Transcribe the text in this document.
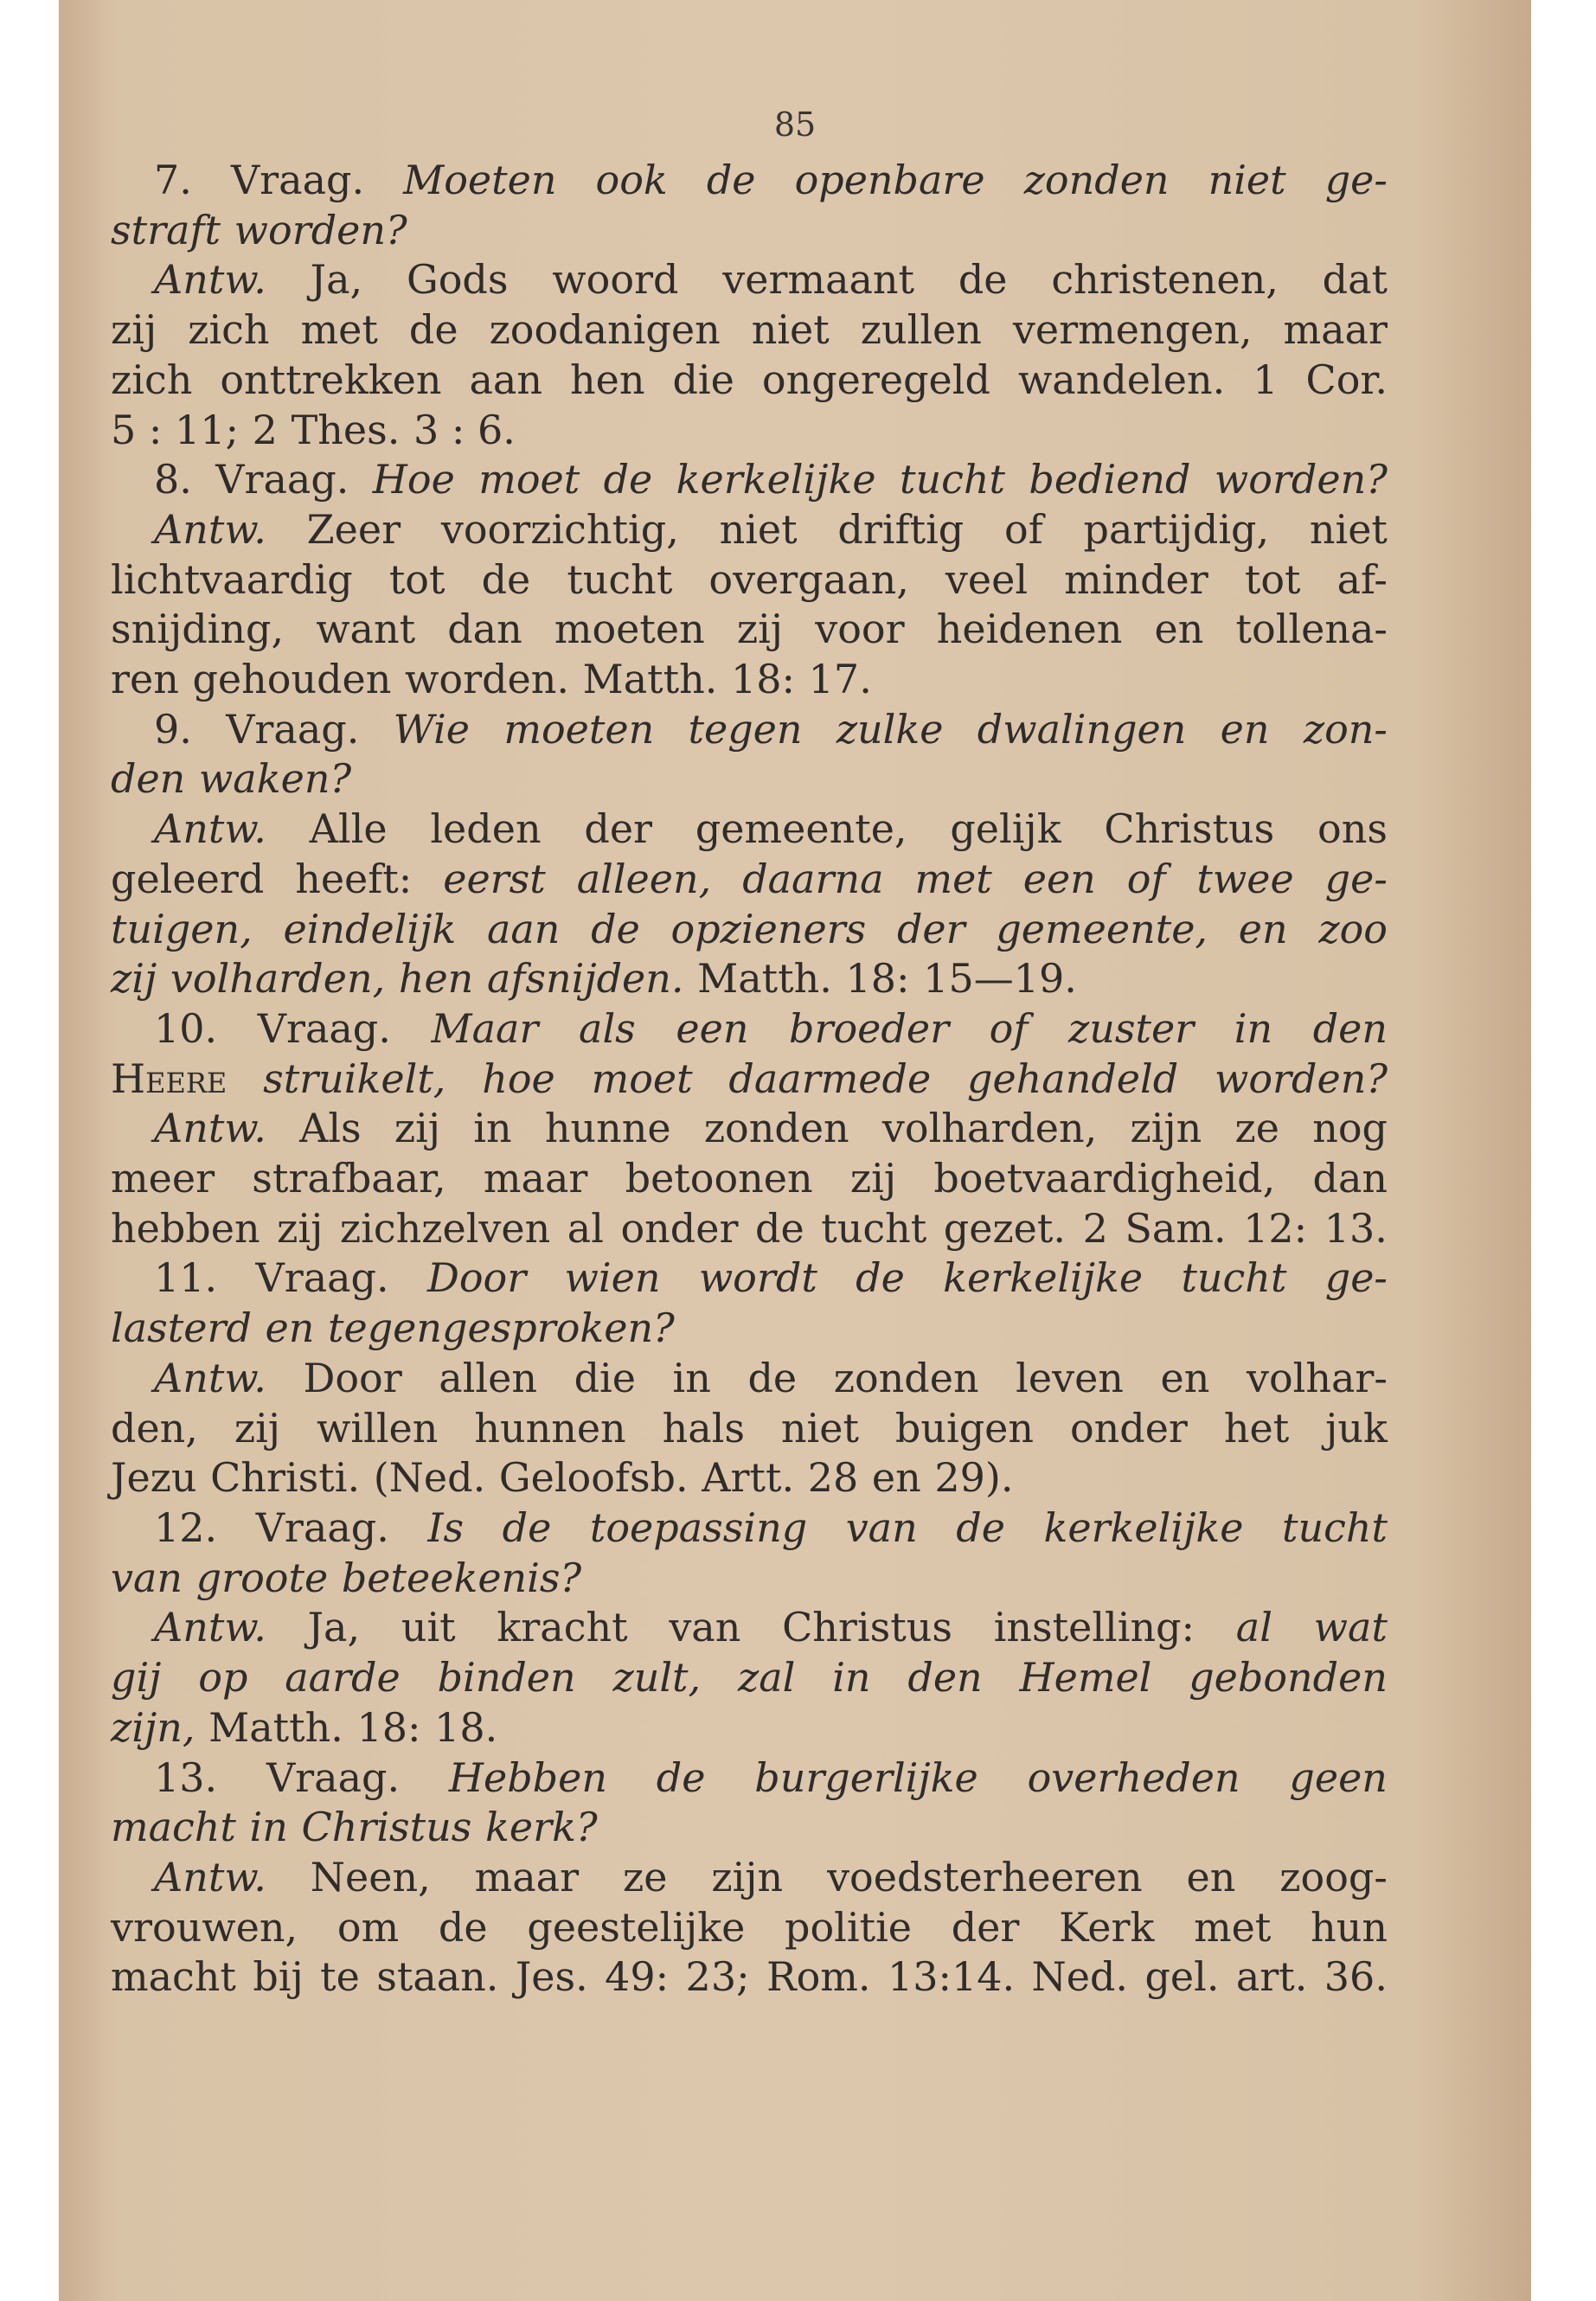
85
7. Vraag. Moeten ook de openbare zonden niet ge-
straft worden?
Antw. Ja, Gods woord vermaant de christenen, dat
zij zich met de zoodanigen niet zullen vermengen, maar
zich onttrekken aan hen die ongeregeld wandelen. 1 Cor.
5 : 11; 2 Thes. 3 : 6.
8. Vraag. Hoe moet de kerkelijke tucht bediend worden?
Antw. Zeer voorzichtig, niet driftig of partijdig, niet
lichtvaardig tot de tucht overgaan, veel minder tot af-
snijding, want dan moeten zij voor heidenen en tollena-
ren gehouden worden. Matth. 18: 17.
9. Vraag. Wie moeten tegen zulke dwalingen en zon-
den waken?
Antw. Alle leden der gemeente, gelijk Christus ons
geleerd heeft: eerst alleen, daarna met een of twee ge-
tuigen, eindelijk aan de opzieners der gemeente, en zoo
zij volharden, hen afsnijden. Matth. 18: 15—19.
10. Vraag. Maar als een broeder of zuster in den
Heere struikelt, hoe moet daarmede gehandeld worden?
Antw. Als zij in hunne zonden volharden, zijn ze nog
meer strafbaar, maar betoonen zij boetvaardigheid, dan
hebben zij zichzelven al onder de tucht gezet. 2 Sam. 12: 13.
11. Vraag. Door wien wordt de kerkelijke tucht ge-
lasterd en tegengesproken?
Antw. Door allen die in de zonden leven en volhar-
den, zij willen hunnen hals niet buigen onder het juk
Jezu Christi. (Ned. Geloofsb. Artt. 28 en 29).
12. Vraag. Is de toepassing van de kerkelijke tucht
van groote beteekenis?
Antw. Ja, uit kracht van Christus instelling: al wat
gij op aarde binden zult, zal in den Hemel gebonden
zijn, Matth. 18: 18.
13. Vraag. Hebben de burgerlijke overheden geen
macht in Christus kerk?
Antw. Neen, maar ze zijn voedsterheeren en zoog-
vrouwen, om de geestelijke politie der Kerk met hun
macht bij te staan. Jes. 49: 23; Rom. 13:14. Ned. gel. art. 36.
